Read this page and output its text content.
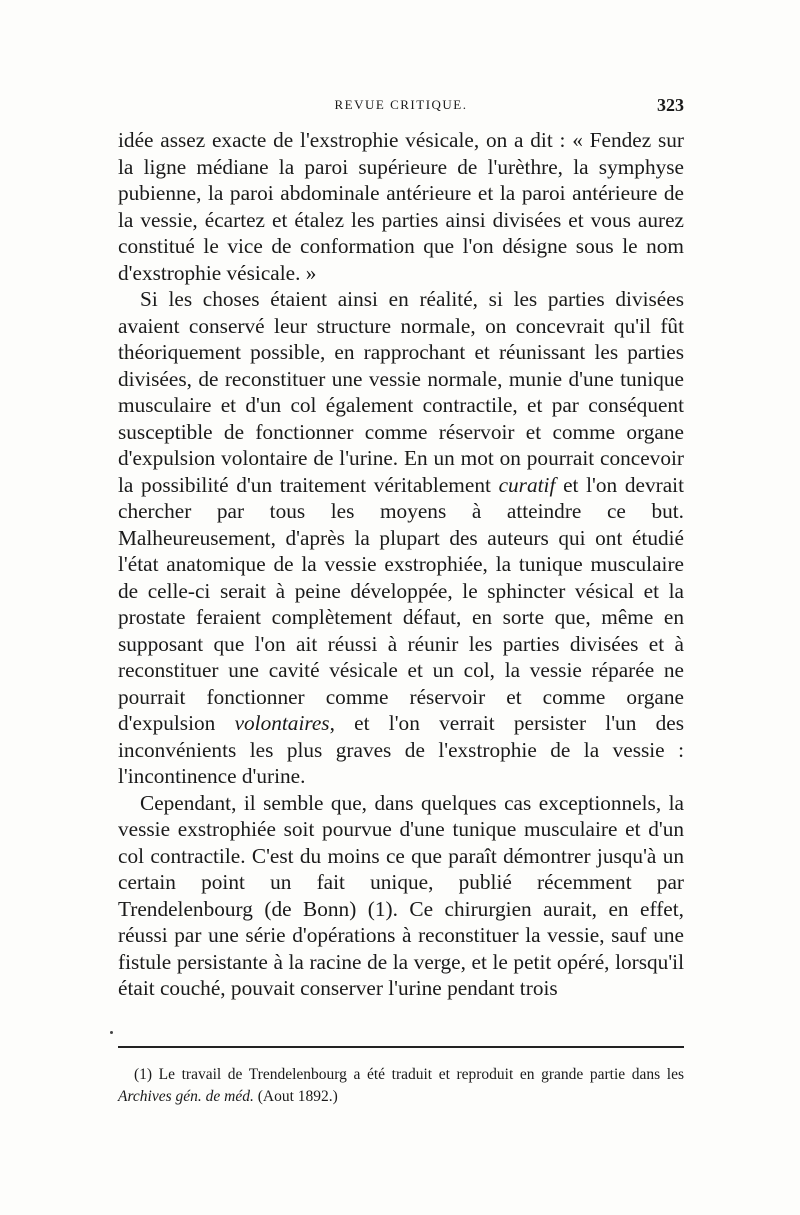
REVUE CRITIQUE.	323

idée assez exacte de l'exstrophie vésicale, on a dit : « Fendez sur la ligne médiane la paroi supérieure de l'urèthre, la symphyse pubienne, la paroi abdominale antérieure et la paroi antérieure de la vessie, écartez et étalez les parties ainsi divisées et vous aurez constitué le vice de conformation que l'on désigne sous le nom d'exstrophie vésicale. »

Si les choses étaient ainsi en réalité, si les parties divisées avaient conservé leur structure normale, on concevrait qu'il fût théoriquement possible, en rapprochant et réunissant les parties divisées, de reconstituer une vessie normale, munie d'une tunique musculaire et d'un col également contractile, et par conséquent susceptible de fonctionner comme réservoir et comme organe d'expulsion volontaire de l'urine. En un mot on pourrait concevoir la possibilité d'un traitement véritablement curatif et l'on devrait chercher par tous les moyens à atteindre ce but. Malheureusement, d'après la plupart des auteurs qui ont étudié l'état anatomique de la vessie exstrophiée, la tunique musculaire de celle-ci serait à peine développée, le sphincter vésical et la prostate feraient complètement défaut, en sorte que, même en supposant que l'on ait réussi à réunir les parties divisées et à reconstituer une cavité vésicale et un col, la vessie réparée ne pourrait fonctionner comme réservoir et comme organe d'expulsion volontaires, et l'on verrait persister l'un des inconvénients les plus graves de l'exstrophie de la vessie : l'incontinence d'urine.

Cependant, il semble que, dans quelques cas exceptionnels, la vessie exstrophiée soit pourvue d'une tunique musculaire et d'un col contractile. C'est du moins ce que paraît démontrer jusqu'à un certain point un fait unique, publié récemment par Trendelenbourg (de Bonn) (1). Ce chirurgien aurait, en effet, réussi par une série d'opérations à reconstituer la vessie, sauf une fistule persistante à la racine de la verge, et le petit opéré, lorsqu'il était couché, pouvait conserver l'urine pendant trois

(1) Le travail de Trendelenbourg a été traduit et reproduit en grande partie dans les Archives gén. de méd. (Aout 1892.)
